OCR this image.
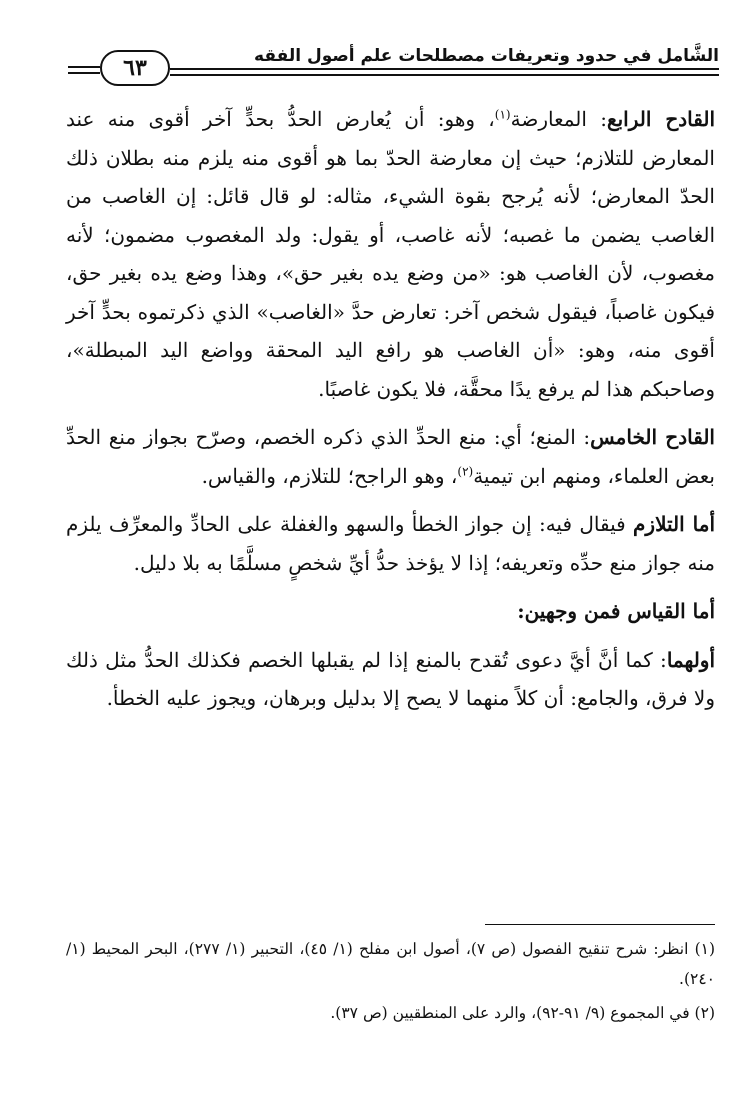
الشَّامل في حدود وتعريفات مصطلحات علم أصول الفقه
٦٣

القادح الرابع: المعارضة$^{(١)}$، وهو: أن يُعارض الحدُّ بحدٍّ آخر أقوى منه عند المعارض للتلازم؛ حيث إن معارضة الحدّ بما هو أقوى منه يلزم منه بطلان ذلك الحدّ المعارض؛ لأنه يُرجح بقوة الشيء، مثاله: لو قال قائل: إن الغاصب من الغاصب يضمن ما غصبه؛ لأنه غاصب، أو يقول: ولد المغصوب مضمون؛ لأنه مغصوب، لأن الغاصب هو: «من وضع يده بغير حق»، وهذا وضع يده بغير حق، فيكون غاصباً، فيقول شخص آخر: تعارض حدَّ «الغاصب» الذي ذكرتموه بحدٍّ آخر أقوى منه، وهو: «أن الغاصب هو رافع اليد المحقة وواضع اليد المبطلة»، وصاحبكم هذا لم يرفع يدًا محقَّة، فلا يكون غاصبًا.

القادح الخامس: المنع؛ أي: منع الحدِّ الذي ذكره الخصم، وصرّح بجواز منع الحدِّ بعض العلماء، ومنهم ابن تيمية$^{(٢)}$، وهو الراجح؛ للتلازم، والقياس.

أما التلازم فيقال فيه: إن جواز الخطأ والسهو والغفلة على الحادِّ والمعرِّف يلزم منه جواز منع حدِّه وتعريفه؛ إذا لا يؤخذ حدُّ أيِّ شخصٍ مسلَّمًا به بلا دليل.

أما القياس فمن وجهين:

أولهما: كما أنَّ أيَّ دعوى تُقدح بالمنع إذا لم يقبلها الخصم فكذلك الحدُّ مثل ذلك ولا فرق، والجامع: أن كلاً منهما لا يصح إلا بدليل وبرهان، ويجوز عليه الخطأ.

(١) انظر: شرح تنقيح الفصول (ص ٧)، أصول ابن مفلح (١/ ٤٥)، التحبير (١/ ٢٧٧)، البحر المحيط (١/ ٢٤٠).

(٢) في المجموع (٩/ ٩١-٩٢)، والرد على المنطقيين (ص ٣٧).
